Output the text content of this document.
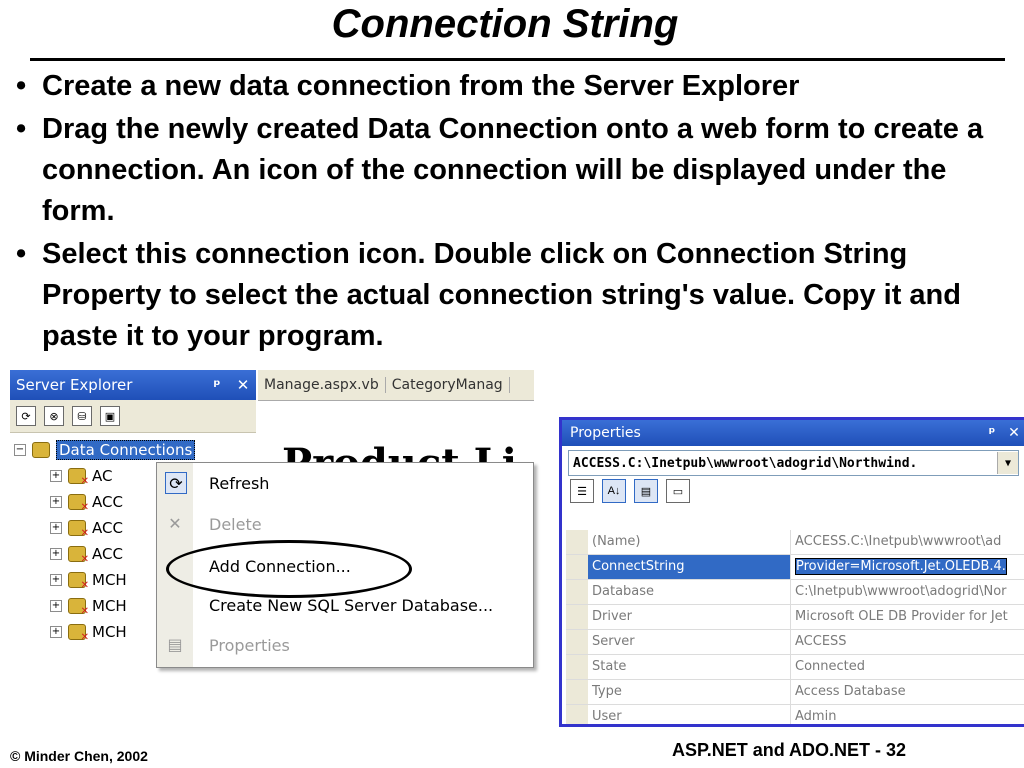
Connection String
• Create a new data connection from the Server Explorer
• Drag the newly created Data Connection onto a web form to create a connection. An icon of the connection will be displayed under the form.
• Select this connection icon. Double click on Connection String Property to select the actual connection string's value. Copy it and paste it to your program.
Server Explorer	ᵖ	✕
⟳	⊗	⛁	▣
− Data Connections
+ ✕ AC
+ ✕ ACC
+ ✕ ACC
+ ✕ ACC
+ ✕ MCH
+ ✕ MCH
+ ✕ MCH
Manage.aspx.vb CategoryManag
⟳ Refresh
✕ Delete
Add Connection...
Create New SQL Server Database...
▤ Properties
Properties	ᵖ ✕
ACCESS.C:\Inetpub\wwwroot\adogrid\Northwind.	▼
☰	A↓	▤	▭
(Name)	ACCESS.C:\Inetpub\wwwroot\ad
ConnectString	Provider=Microsoft.Jet.OLEDB.4.
Database	C:\Inetpub\wwwroot\adogrid\Nor
Driver	Microsoft OLE DB Provider for Jet
Server	ACCESS
State	Connected
Type	Access Database
User	Admin
© Minder Chen, 2002	ASP.NET and ADO.NET - 32
